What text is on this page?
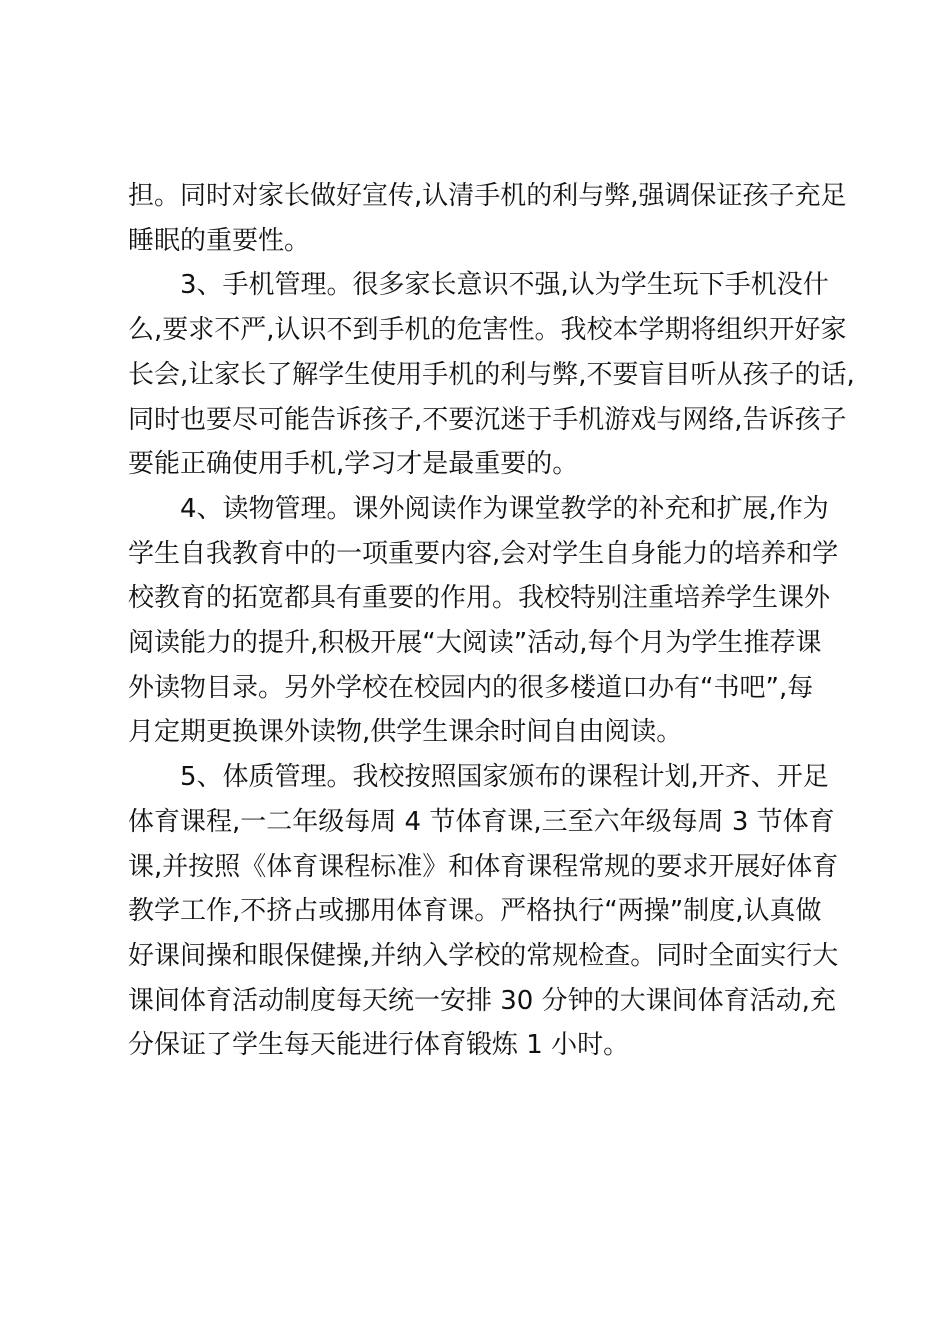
担。同时对家长做好宣传,认清手机的利与弊,强调保证孩子充足
睡眠的重要性。
3、手机管理。很多家长意识不强,认为学生玩下手机没什
么,要求不严,认识不到手机的危害性。我校本学期将组织开好家
长会,让家长了解学生使用手机的利与弊,不要盲目听从孩子的话,
同时也要尽可能告诉孩子,不要沉迷于手机游戏与网络,告诉孩子
要能正确使用手机,学习才是最重要的。
4、读物管理。课外阅读作为课堂教学的补充和扩展,作为
学生自我教育中的一项重要内容,会对学生自身能力的培养和学
校教育的拓宽都具有重要的作用。我校特别注重培养学生课外
阅读能力的提升,积极开展“大阅读”活动,每个月为学生推荐课
外读物目录。另外学校在校园内的很多楼道口办有“书吧”,每
月定期更换课外读物,供学生课余时间自由阅读。
5、体质管理。我校按照国家颁布的课程计划,开齐、开足
体育课程,一二年级每周 4 节体育课,三至六年级每周 3 节体育
课,并按照《体育课程标准》和体育课程常规的要求开展好体育
教学工作,不挤占或挪用体育课。严格执行“两操”制度,认真做
好课间操和眼保健操,并纳入学校的常规检查。同时全面实行大
课间体育活动制度每天统一安排 30 分钟的大课间体育活动,充
分保证了学生每天能进行体育锻炼 1 小时。
